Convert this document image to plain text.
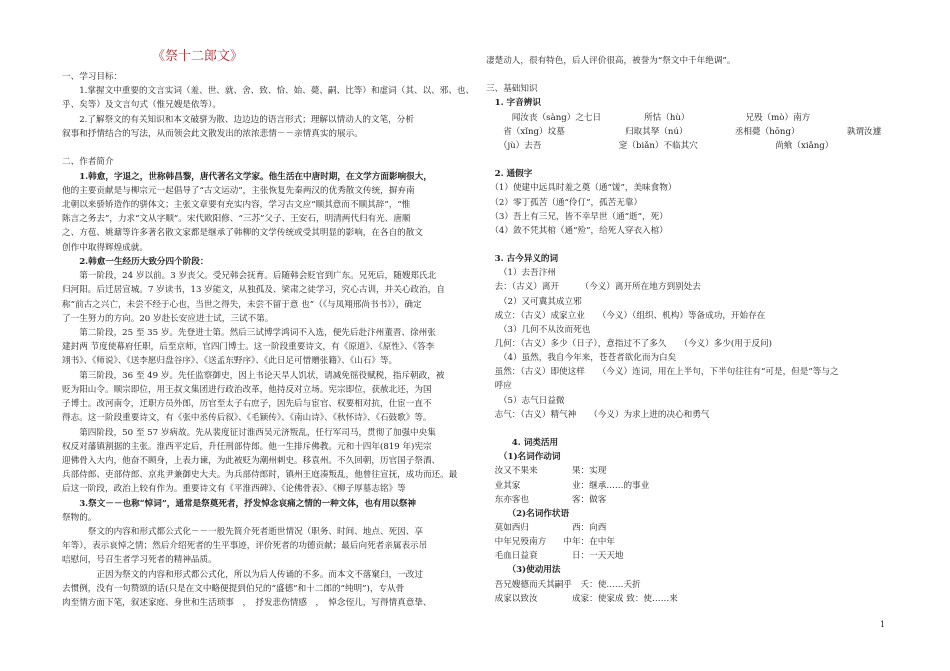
《祭十二郎文》
一、学习目标：
　　1.掌握文中重要的文言实词（羞、世、就、舍、致、恰、始、薨、嗣、比等）和虚词（其、以、邪、也、
乎、矣等）及文言句式（惟兄嫂是依等）。
　　2.了解祭文的有关知识和本文破骈为散、边边边的语言形式；理解以情动人的文笔，分析
叙事和抒情结合的写法，从而领会此文散发出的浓浓悲情－－亲情真实的展示。
二、作者简介
　　1.韩愈，字退之，世称韩昌黎，唐代著名文学家。他生活在中唐时期，在文学方面影响很大，
他的主要贡献是与柳宗元一起倡导了“古文运动”，主张恢复先秦两汉的优秀散文传统，摒弃南
北朝以来骄矫造作的骈体文；主张文章要有充实内容，学习古文应“顺其意而不顺其辞”，“惟
陈言之务去”，力求“文从字顺”。宋代欧阳修、“三苏”父子、王安石，明清两代归有光、唐顺
之、方苞、姚鼐等许多著名散文家都是继承了韩柳的文学传统或受其明显的影响，在各自的散文
创作中取得辉煌成就。
　　2.韩愈一生经历大致分四个阶段：
　　第一阶段，24 岁以前。3 岁丧父。受兄韩会抚育。后随韩会贬官到广东。兄死后，随嫂郑氏北
归河阳。后迁居宣城。7 岁读书，13 岁能文，从独孤及、梁肃之徒学习，究心古训，并关心政治，自
称“前古之兴亡，未尝不经于心也，当世之得失，未尝不留于意 也”（《与凤翔邢尚书书》），确定
了一生努力的方向。20 岁赴长安应进士试，三试不第。
　　第二阶段，25 至 35 岁。先登进士第。然后三试博学鸿词不入选，便先后赴汴州董晋、徐州张
建封两 节度使幕府任职，后至京师，官四门博士。这一阶段重要诗文，有《原道》、《原性》、《答李
翊书》、《师说》、《送李愿归盘谷序》、《送孟东野序》、《此日足可惜赠张籍》、《山石》等。
　　第三阶段，36 至 49 岁。先任监察御史，因上书论天旱人饥状，请减免徭役赋税，指斥朝政，被
贬为阳山令。顺宗即位，用王叔文集团进行政治改革，他持反对立场。宪宗即位，获赦北还，为国
子博士。改河南令，迁职方员外郎，历官至太子右庶子，因先后与宦官、权要相对抗，仕宦一直不
得志。这一阶段重要诗文，有《张中丞传后叙》、《毛颖传》、《南山诗》、《秋怀诗》、《石鼓歌》等。
　　第四阶段，50 至 57 岁病故。先从裴度征讨淮西吴元济叛乱，任行军司马，贯彻了加强中央集
权反对藩镇割据的主张。淮西平定后，升任刑部侍郎。他一生排斥佛教。元和十四年(819 年)宪宗
迎佛骨入大内，他奋不顾身，上表力谏，为此被贬为潮州刺史。移袁州。不久回朝，历官国子祭酒、
兵部侍郎、吏部侍郎、京兆尹兼御史大夫。为兵部侍郎时，镇州王庭凑叛乱，他曾往宣抚，成功而还。最
后这一阶段，政治上较有作为。重要诗文有《平淮西碑》、《论佛骨表》、《柳子厚墓志铭》等
　　3.祭文－－也称“悼词”，通常是祭奠死者，抒发悼念哀痛之情的一种文体，也有用以祭神
祭物的。
　　　祭文的内容和形式都公式化－－一般先简介死者逝世情况（职务、时间、地点、死因、享
年等），表示哀悼之情；然后介绍死者的生平事迹，评价死者的功德贡献；最后向死者亲属表示吊
唁慰问，号召生者学习死者的精神品质。
　　　　正因为祭文的内容和形式都公式化，所以为后人传诵的不多。而本文不落窠臼，一改过
去惯例，没有一句赞颂的话(只是在文中略便提到伯兄的“盛德”和十二郎的“纯明”)，专从骨
肉至情方面下笔，叙述家庭、身世和生活琐事　，　抒发悲伤情感　，　悼念侄儿，写得情真意挚、
凄楚动人，很有特色，后人评价很高，被誉为“祭文中千年绝调”。
三、基础知识
　1. 字音辨识
　　　闻汝丧（sàng）之七日　　　　　所怙（hù）　　　　　　　兄殁（mò）南方
　　省（xǐng）坟墓　　　　　　　归取其孥（nú）　　　　　　丞相薨（hōng）　　　　　　孰谓汝遽
　　（jù）去吾　　　　　　　　　窆（biǎn）不临其穴　　　　　　　　　尚飨（xiǎng）
　2. 通假字
　（1）使建中远具时羞之奠（通“馐”，美味食物）
　（2）零丁孤苦（通“伶仃”，孤苦无靠）
　（3）吾上有三兄，皆不幸早世（通“逝”，死）
　（4）敛不凭其棺（通“殓”，给死人穿衣入棺）
　3. 古今异义的词
　　（1）去吾汴州
　去：（古义）离开　　　（今义）离开所在地方到别处去
　　（2）又可冀其成立邪
　成立：（古义）成家立业　　（今义）（组织、机构）等备成功，开始存在
　　（3）几何不从汝而死也
　几何：（古义）多少（日子），意指过不了多久　　（今义）多少(用于反问)
　　（4）虽然，我自今年来，苍苍者欲化而为白矣
　虽然：（古义）即使这样　　（今义）连词，用在上半句，下半句往往有“可是，但是”等与之
　呼应
　　（5）志气日益微
　志气：（古义）精气神　　（今义）为求上进的决心和勇气
　　　4. 词类活用
　　（1)名词作动词
　汝又不果来　　　　果：实现
　业其家　　　　　　业：继承……的事业
　东亦客也　　　　　客：做客
　　　（2)名词作状语
　莫如西归　　　　　西：向西
　中年兄殁南方　　中年：在中年
　毛血日益衰　　　　日：一天天地
　　　（3)使动用法
　吾兄嫂德而夭其嗣乎　夭：使……夭折
　成家以致汝　　　　成家：使家成 致：使……来
1
